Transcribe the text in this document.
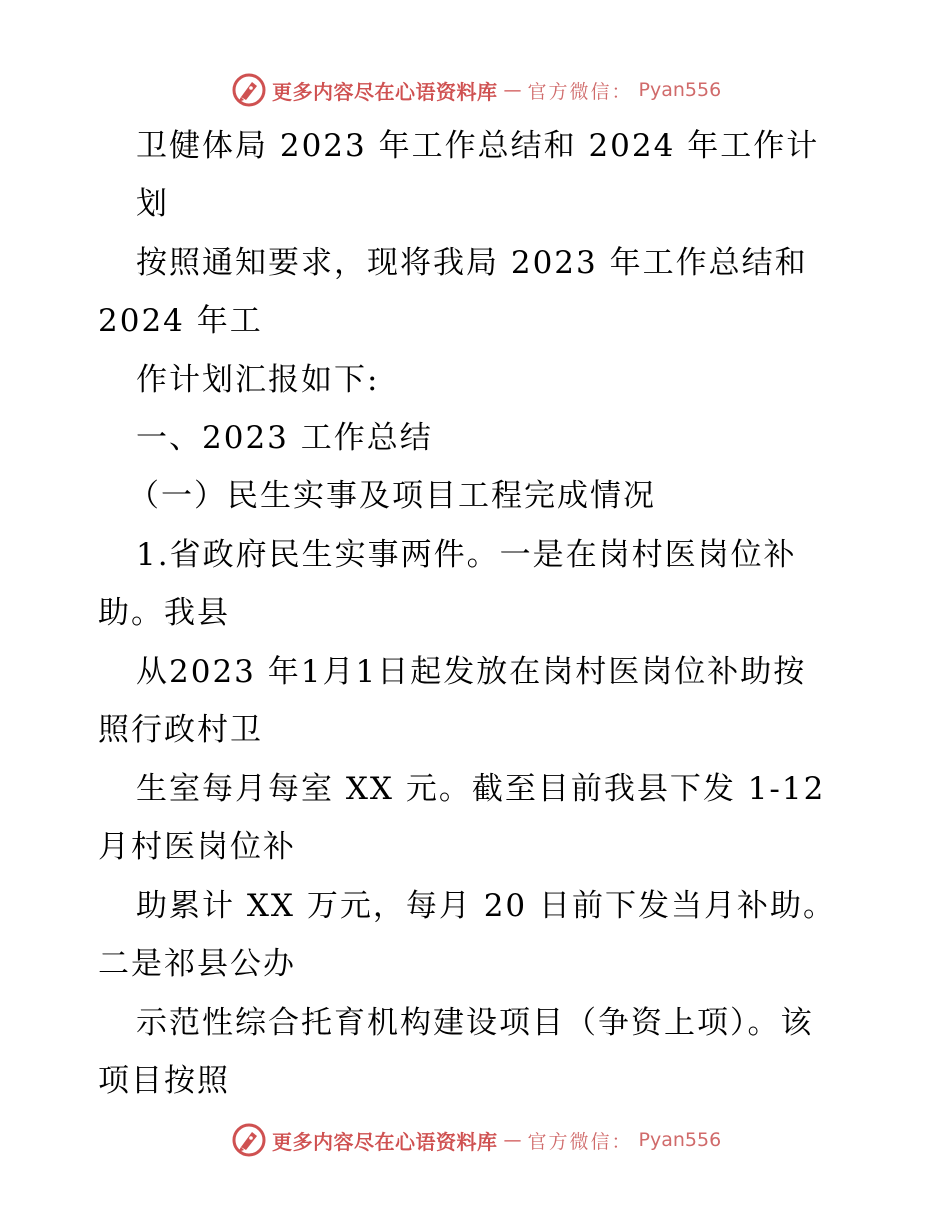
更多内容尽在心语资料库 — 官方微信： Pyan556
卫健体局 2023 年工作总结和 2024 年工作计
划
按照通知要求，现将我局 2023 年工作总结和
2024 年工
作计划汇报如下:
一、2023 工作总结
（一）民生实事及项目工程完成情况
1.省政府民生实事两件。一是在岗村医岗位补
助。我县
从2023 年1月1日起发放在岗村医岗位补助按
照行政村卫
生室每月每室 XX 元。截至目前我县下发 1-12
月村医岗位补
助累计 XX 万元，每月 20 日前下发当月补助。
二是祁县公办
示范性综合托育机构建设项目（争资上项）。该
项目按照
更多内容尽在心语资料库 — 官方微信： Pyan556
